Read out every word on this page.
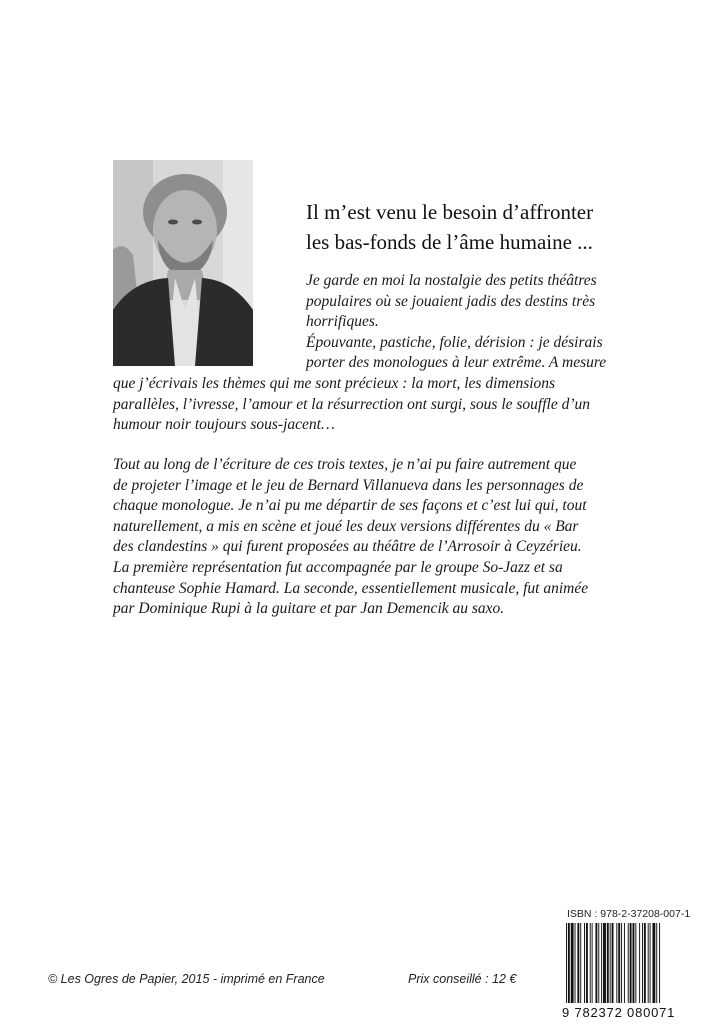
Il m’est venu le besoin d’affronter
les bas-fonds de l’âme humaine ...
Je garde en moi la nostalgie des petits théâtres
populaires où se jouaient jadis des destins très
horrifiques.
Épouvante, pastiche, folie, dérision : je désirais
porter des monologues à leur extrême. A mesure
que j’écrivais les thèmes qui me sont précieux : la mort, les dimensions
parallèles, l’ivresse, l’amour et la résurrection ont surgi, sous le souffle d’un
humour noir toujours sous-jacent…
Tout au long de l’écriture de ces trois textes, je n’ai pu faire autrement que
de projeter l’image et le jeu de Bernard Villanueva dans les personnages de
chaque monologue. Je n’ai pu me départir de ses façons et c’est lui qui, tout
naturellement, a mis en scène et joué les deux versions différentes du « Bar
des clandestins » qui furent proposées au théâtre de l’Arrosoir à Ceyzérieu.
La première représentation fut accompagnée par le groupe So-Jazz et sa
chanteuse Sophie Hamard. La seconde, essentiellement musicale, fut animée
par Dominique Rupi à la guitare et par Jan Demencik au saxo.
ISBN : 978-2-37208-007-1
9 782372 080071
© Les Ogres de Papier, 2015 - imprimé en France	Prix conseillé : 12 €
